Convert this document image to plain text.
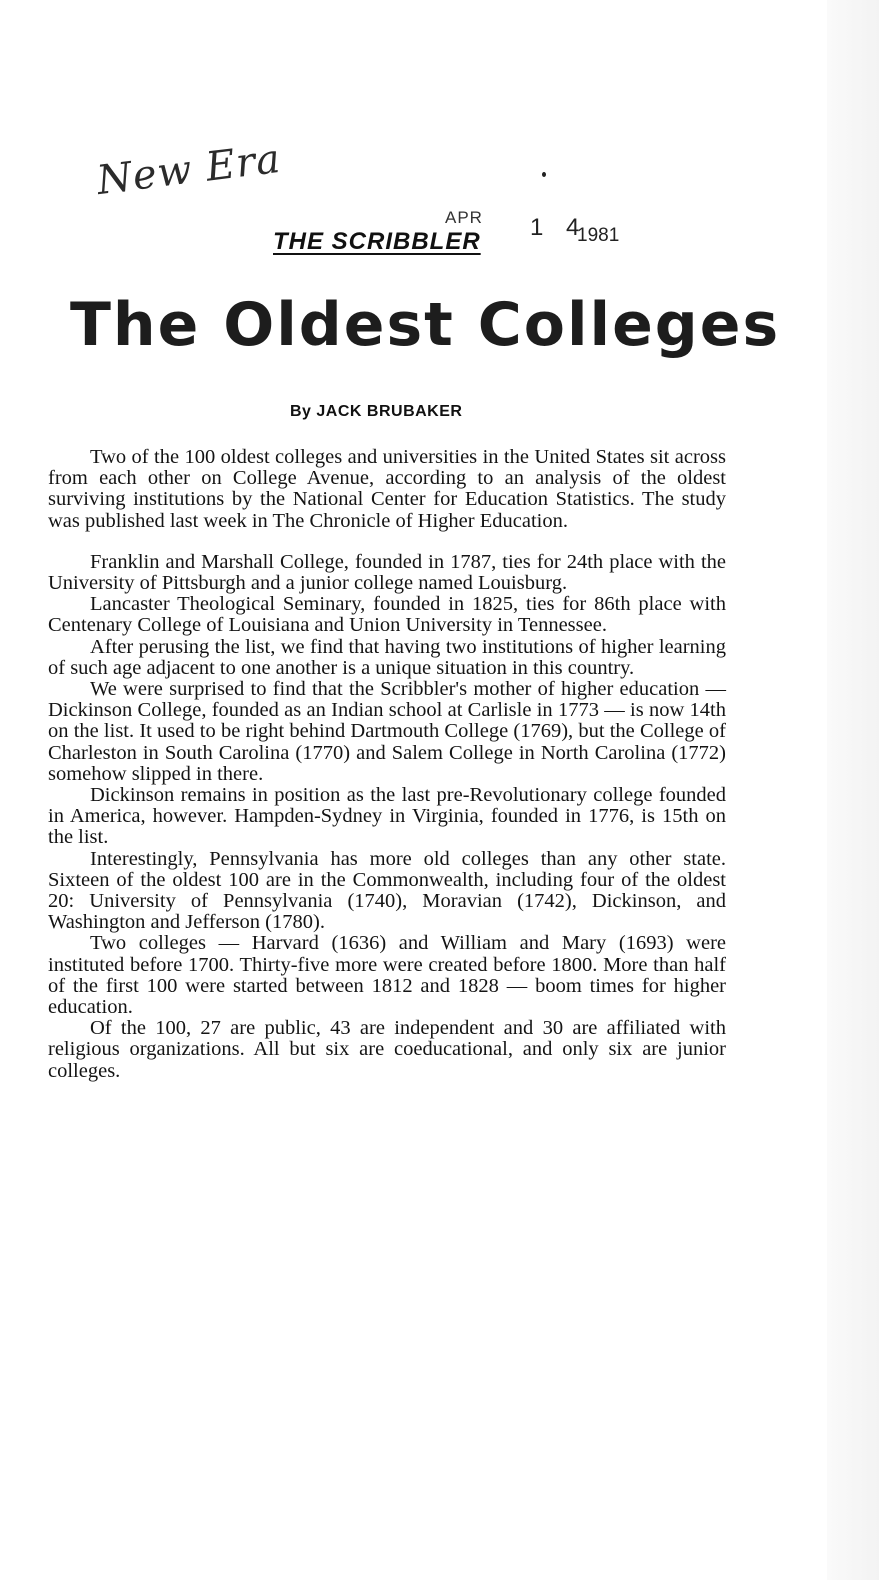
New Era
APR 1 4
1981
THE SCRIBBLER
The Oldest Colleges
By JACK BRUBAKER

Two of the 100 oldest colleges and universities in the United States sit across from each other on College Avenue, according to an analysis of the oldest surviving institutions by the National Center for Education Statistics. The study was published last week in The Chronicle of Higher Education.

Franklin and Marshall College, founded in 1787, ties for 24th place with the University of Pittsburgh and a junior college named Louisburg.

Lancaster Theological Seminary, founded in 1825, ties for 86th place with Centenary College of Louisiana and Union University in Tennessee.

After perusing the list, we find that having two institutions of higher learning of such age adjacent to one another is a unique situation in this country.

We were surprised to find that the Scribbler's mother of higher education — Dickinson College, founded as an Indian school at Carlisle in 1773 — is now 14th on the list. It used to be right behind Dartmouth College (1769), but the College of Charleston in South Carolina (1770) and Salem College in North Carolina (1772) somehow slipped in there.

Dickinson remains in position as the last pre-Revolutionary college founded in America, however. Hampden-Sydney in Virginia, founded in 1776, is 15th on the list.

Interestingly, Pennsylvania has more old colleges than any other state. Sixteen of the oldest 100 are in the Commonwealth, including four of the oldest 20: University of Pennsylvania (1740), Moravian (1742), Dickinson, and Washington and Jefferson (1780).

Two colleges — Harvard (1636) and William and Mary (1693) were instituted before 1700. Thirty-five more were created before 1800. More than half of the first 100 were started between 1812 and 1828 — boom times for higher education.

Of the 100, 27 are public, 43 are independent and 30 are affiliated with religious organizations. All but six are coeducational, and only six are junior colleges.
